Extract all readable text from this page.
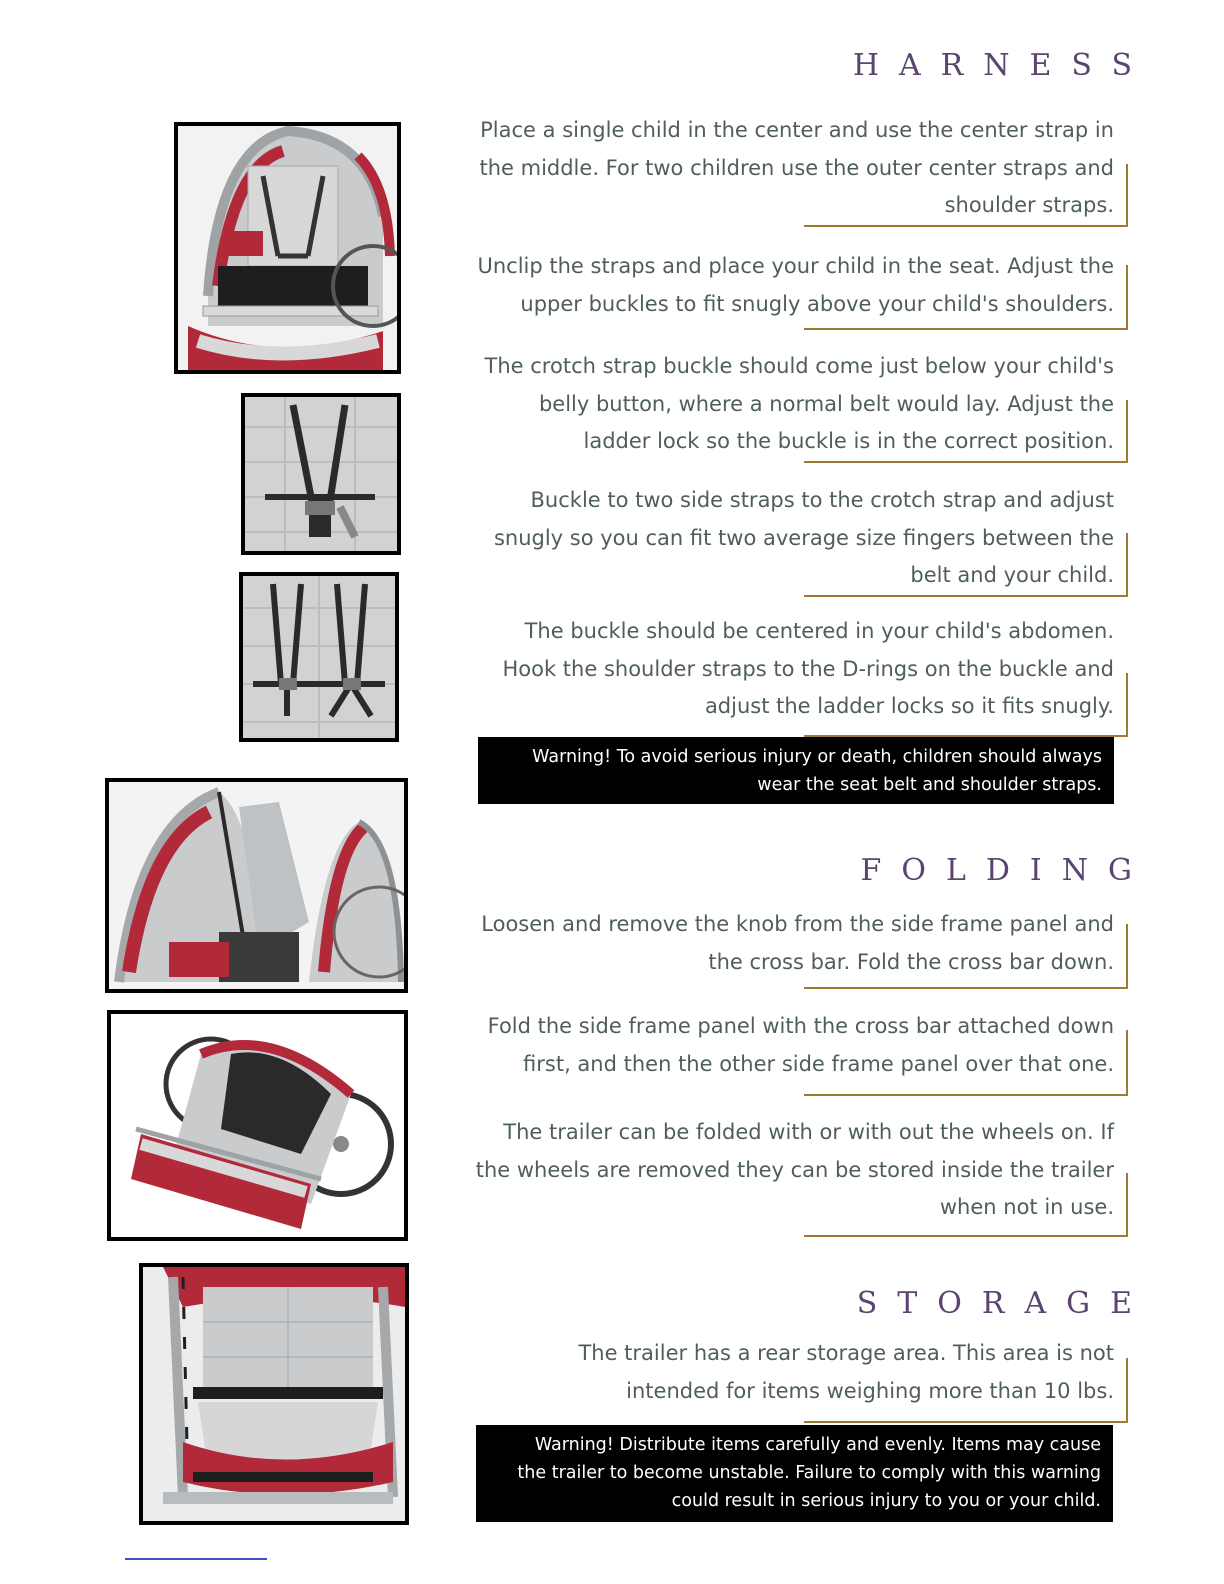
HARNESS
Place a single child in the center and use the center strap in
the middle. For two children use the outer center straps and
shoulder straps.
Unclip the straps and place your child in the seat. Adjust the
upper buckles to fit snugly above your child's shoulders.
The crotch strap buckle should come just below your child's
belly button, where a normal belt would lay. Adjust the
ladder lock so the buckle is in the correct position.
Buckle to two side straps to the crotch strap and adjust
snugly so you can fit two average size fingers between the
belt and your child.
The buckle should be centered in your child's abdomen.
Hook the shoulder straps to the D-rings on the buckle and
adjust the ladder locks so it fits snugly.
Warning! To avoid serious injury or death, children should always
wear the seat belt and shoulder straps.
FOLDING
Loosen and remove the knob from the side frame panel and
the cross bar. Fold the cross bar down.
Fold the side frame panel with the cross bar attached down
first, and then the other side frame panel over that one.
The trailer can be folded with or with out the wheels on. If
the wheels are removed they can be stored inside the trailer
when not in use.
STORAGE
The trailer has a rear storage area. This area is not
intended for items weighing more than 10 lbs.
Warning! Distribute items carefully and evenly. Items may cause
the trailer to become unstable. Failure to comply with this warning
could result in serious injury to you or your child.
